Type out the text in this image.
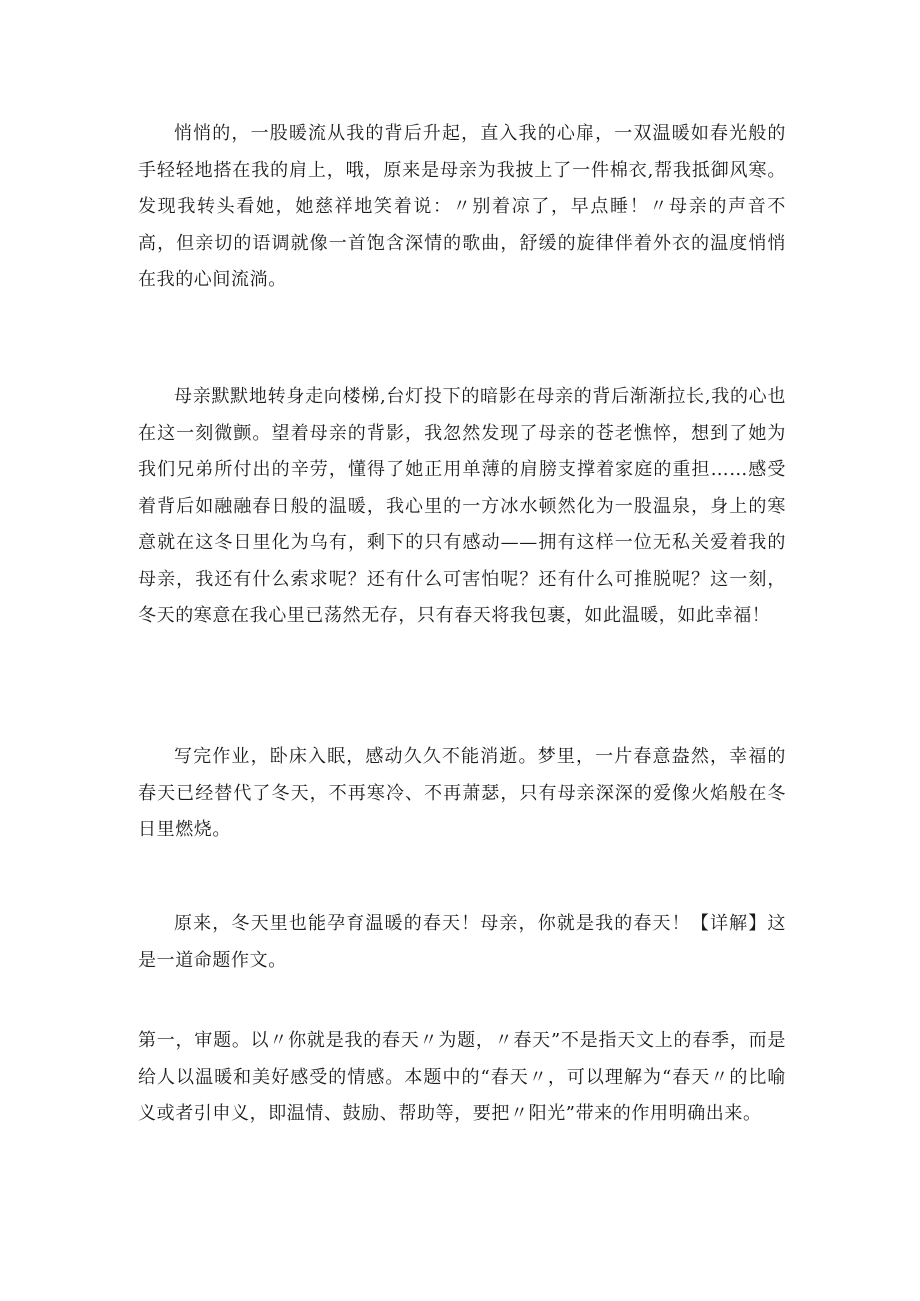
悄悄的，一股暖流从我的背后升起，直入我的心扉，一双温暖如春光般的手轻轻地搭在我的肩上，哦，原来是母亲为我披上了一件棉衣,帮我抵御风寒。发现我转头看她，她慈祥地笑着说：〃别着凉了，早点睡！〃母亲的声音不高，但亲切的语调就像一首饱含深情的歌曲，舒缓的旋律伴着外衣的温度悄悄在我的心间流淌。

母亲默默地转身走向楼梯,台灯投下的暗影在母亲的背后渐渐拉长,我的心也在这一刻微颤。望着母亲的背影，我忽然发现了母亲的苍老憔悴，想到了她为我们兄弟所付出的辛劳，懂得了她正用单薄的肩膀支撑着家庭的重担……感受着背后如融融春日般的温暖，我心里的一方冰水顿然化为一股温泉，身上的寒意就在这冬日里化为乌有，剩下的只有感动——拥有这样一位无私关爱着我的母亲，我还有什么索求呢？还有什么可害怕呢？还有什么可推脱呢？这一刻，冬天的寒意在我心里已荡然无存，只有春天将我包裹，如此温暖，如此幸福！

写完作业，卧床入眠，感动久久不能消逝。梦里，一片春意盎然，幸福的春天已经替代了冬天，不再寒冷、不再萧瑟，只有母亲深深的爱像火焰般在冬日里燃烧。

原来，冬天里也能孕育温暖的春天！母亲，你就是我的春天！【详解】这是一道命题作文。

第一，审题。以〃你就是我的春天〃为题，〃春天”不是指天文上的春季，而是给人以温暖和美好感受的情感。本题中的“春天〃，可以理解为“春天〃的比喻义或者引申义，即温情、鼓励、帮助等，要把〃阳光”带来的作用明确出来。
